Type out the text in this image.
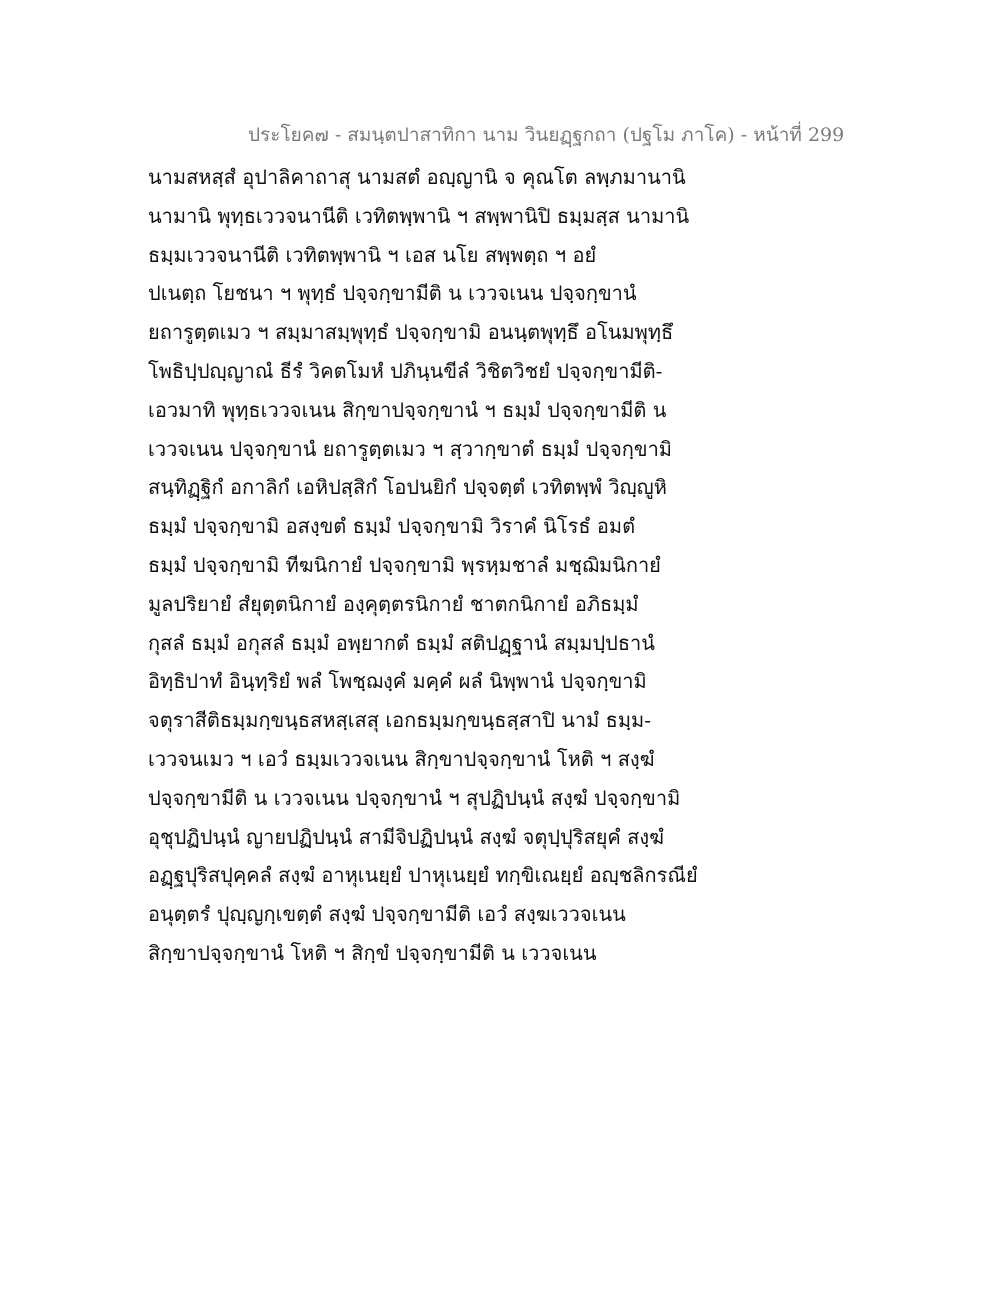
ประโยค๗ - สมนฺตปาสาทิกา นาม วินยฏฺฐกถา (ปฐโม ภาโค) - หน้าที่ 299
นามสหสฺสํ อุปาลิคาถาสุ นามสตํ อญฺญานิ จ คุณโต ลพฺภมานานิ
นามานิ พุทฺธเววจนานีติ เวทิตพฺพานิ ฯ สพฺพานิปิ ธมฺมสฺส นามานิ
ธมฺมเววจนานีติ เวทิตพฺพานิ ฯ เอส นโย สพฺพตฺถ ฯ อยํ
ปเนตฺถ โยชนา ฯ พุทฺธํ ปจฺจกฺขามีติ น เววจเนน ปจฺจกฺขานํ
ยถารูตฺตเมว ฯ สมฺมาสมฺพุทฺธํ ปจฺจกฺขามิ อนนฺตพุทฺธึ อโนมพุทฺธึ
โพธิปฺปญฺญาณํ ธีรํ วิคตโมหํ ปภินฺนขีลํ วิชิตวิชยํ ปจฺจกฺขามีติ-
เอวมาทิ พุทฺธเววจเนน สิกฺขาปจฺจกฺขานํ ฯ ธมฺมํ ปจฺจกฺขามีติ น
เววจเนน ปจฺจกฺขานํ ยถารูตฺตเมว ฯ สฺวากฺขาตํ ธมฺมํ ปจฺจกฺขามิ
สนฺทิฏฺฐิกํ อกาลิกํ เอหิปสฺสิกํ โอปนยิกํ ปจฺจตฺตํ เวทิตพฺพํ วิญฺญูหิ
ธมฺมํ ปจฺจกฺขามิ อสงฺขตํ ธมฺมํ ปจฺจกฺขามิ วิราคํ นิโรธํ อมตํ
ธมฺมํ ปจฺจกฺขามิ ทีฆนิกายํ ปจฺจกฺขามิ พฺรหฺมชาลํ มชฺฌิมนิกายํ
มูลปริยายํ สํยุตฺตนิกายํ องฺคุตฺตรนิกายํ ชาตกนิกายํ อภิธมฺมํ
กุสลํ ธมฺมํ อกุสลํ ธมฺมํ อพฺยากตํ ธมฺมํ สติปฏฺฐานํ สมฺมปฺปธานํ
อิทฺธิปาทํ อินฺทฺริยํ พลํ โพชฺฌงฺคํ มคฺคํ ผลํ นิพฺพานํ ปจฺจกฺขามิ
จตุราสีติธมฺมกฺขนฺธสหสฺเสสุ เอกธมฺมกฺขนฺธสฺสาปิ นามํ ธมฺม-
เววจนเมว ฯ เอวํ ธมฺมเววจเนน สิกฺขาปจฺจกฺขานํ โหติ ฯ สงฺฆํ
ปจฺจกฺขามีติ น เววจเนน ปจฺจกฺขานํ ฯ สุปฏิปนฺนํ สงฺฆํ ปจฺจกฺขามิ
อุชุปฏิปนฺนํ ญายปฏิปนฺนํ สามีจิปฏิปนฺนํ สงฺฆํ จตุปฺปุริสยุคํ สงฺฆํ
อฏฺฐปุริสปุคฺคลํ สงฺฆํ อาหุเนยฺยํ ปาหุเนยฺยํ ทกฺขิเณยฺยํ อญฺชลิกรณียํ
อนุตฺตรํ ปุญฺญกฺเขตฺตํ สงฺฆํ ปจฺจกฺขามีติ เอวํ สงฺฆเววจเนน
สิกฺขาปจฺจกฺขานํ โหติ ฯ สิกฺขํ ปจฺจกฺขามีติ น เววจเนน
